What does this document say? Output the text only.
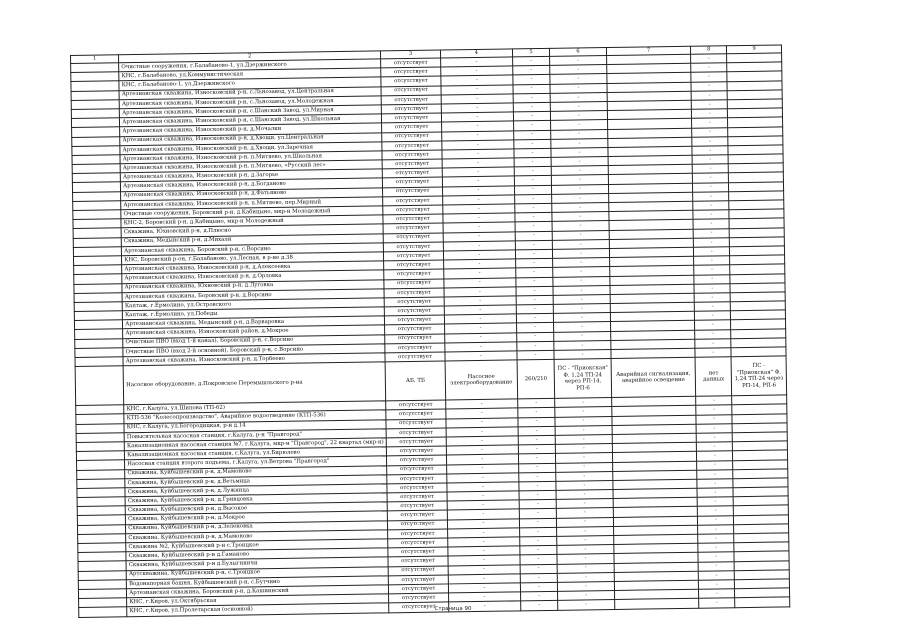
1	2	3	4	5	6	7	8	9
	Очистные сооружения, г.Балабаново-1, ул.Дзержинского	отсутствует	-	-	-		-	
	КНС, г.Балабаново, ул.Коммунистическая	отсутствует	-	-	-		-	
	КНС, г.Балабаново-1, ул.Дзержинского	отсутствует	-	-	-		-	
	Артезианская скважина, Износковский р-н, с.Льнозавод, ул.Центральная	отсутствует	-	-	-		-	
	Артезианская скважина, Износковский р-н, с.Льнозавод, ул.Молодежная	отсутствует	-	-	-		-	
	Артезианская скважина, Износковский р-н, с.Шанский Завод, ул.Мирная	отсутствует	-	-	-		-	
	Артезианская скважина, Износковский р-н, с.Шанский Завод, ул.Школьная	отсутствует	-	-	-		-	
	Артезианская скважина, Износковский р-н, д.Мочалки	отсутствует	-	-	-		-	
	Артезианская скважина, Износковский р-н, д.Хвощи, ул.Центральная	отсутствует	-	-	-		-	
	Артезианская скважина, Износковский р-н, д.Хвощи, ул.Заречная	отсутствует	-	-	-		-	
	Артезианская скважина, Износковский р-н, п.Митяево, ул.Школьная	отсутствует	-	-	-		-	
	Артезианская скважина, Износковский р-н, п.Митяево, «Русский лес»	отсутствует	-	-	-		-	
	Артезианская скважина, Износковский р-н, д.Загорье	отсутствует	-	-	-		-	
	Артезианская скважина, Износковский р-н, д.Богданово	отсутствует	-	-	-		-	
	Артезианская скважина, Износковский р-н, д.Фатьяново	отсутствует	-	-	-		-	
	Артезианская скважина, Износковский р-н, п.Митяево, пер.Мирный	отсутствует	-	-	-		-	
	Очистные сооружения, Боровский р-н, д.Кабицыно, мкр-н Молодежный	отсутствует	-	-	-		-	
	КНС-2, Боровский р-н, д.Кабицыно, мкр-н Молодежный	отсутствует	-	-	-		-	
	Скважина, Юхновский р-н, д.Плюсно	отсутствует	-	-	-		-	
	Скважина, Медынский р-н, д.Михали	отсутствует	-	-	-		-	
	Артезианская скважина, Боровский р-н, с.Ворсино	отсутствует	-	-	-		-	
	КНС, Боровский р-он, г.Балабаново, ул.Лесная, в р-не д.38	отсутствует	-	-	-		-	
	Артезианская скважина, Износковский р-н, д.Алексеевка	отсутствует	-	-	-		-	
	Артезианская скважина, Износковский р-н, д.Орловка	отсутствует	-	-	-		-	
	Артезианская скважина, Юхновский р-н, д.Луговка	отсутствует	-	-	-		-	
	Артезианская скважина, Боровский р-н, д.Ворсино	отсутствует	-	-	-		-	
	Каптаж, г.Ермолино, ул.Островского	отсутствует	-	-	-		-	
	Каптаж, г.Ермолино, ул.Победы	отсутствует	-	-	-		-	
	Артезианская скважина, Медынский р-н, д.Варваровка	отсутствует	-	-	-		-	
	Артезианская скважина, Износковский район, д.Мокрое	отсутствует	-	-	-		-	
	Очистные ПВО (вход 1-й канал), Боровский р-н, с.Ворсино	отсутствует	-	-	-		-	
	Очистные ПВО (вход 2-й основной), Боровский р-н, с.Ворсино	отсутствует	-	-	-		-	
	Артезианская скважина, Износковский р-н, д.Торбеево	отсутствует	-	-	-		-	
	Насосное оборудование, д.Покровское Перемышльского р-на	АБ, ТБ	Насосное электрооборудование	260/210	ПС - "Приокская" Ф. 1,24 ТП-24 через РП-14, РП-6	Аварийная сигнализация, аварийное освещение	нет данных	ПС - "Приокская" Ф. 1,24 ТП-24 через РП-14, РП-6
	КНС, г.Калуга, ул.Шипова (ТП-62)	отсутствует	-	-	-		-	
	КТП-536 "Колесопроизводство", Аварийное водоотведение (КТП-536)	отсутствует	-	-	-		-	
	КНС, г.Калуга, ул.Богородицкая, р-н д.14	отсутствует	-	-	-		-	
	Повысительная насосная станция, г.Калуга, р-н "Правгород"	отсутствует	-	-	-		-	
	Канализационная насосная станция №7, г.Калуга, мкр-н "Правгород", 22 квартал (мкр-н)	отсутствует	-	-	-		-	
	Канализационная насосная станция, г.Калуга, ул.Бирюлево	отсутствует	-	-	-		-	
	Насосная станция второго подъема, г.Калуга, ул.Ветрова "Правгород"	отсутствует	-	-	-		-	
	Скважина, Куйбышевский р-н, д.Мамоново	отсутствует	-	-	-		-	
	Скважина, Куйбышевский р-н, д.Ветьмица	отсутствует	-	-	-		-	
	Скважина, Куйбышевский р-н, д.Лужница	отсутствует	-	-	-		-	
	Скважина, Куйбышевский р-н, д.Гривцовка	отсутствует	-	-	-		-	
	Скважина, Куйбышевский р-н, д.Высокое	отсутствует	-	-	-		-	
	Скважина, Куйбышевский р-н, д.Мокрое	отсутствует	-	-	-		-	
	Скважина, Куйбышевский р-н, д.Зеленовка	отсутствует	-	-	-		-	
	Скважина, Куйбышевский р-н, д.Мамоново	отсутствует	-	-	-		-	
	Скважина №2, Куйбышевский р-н с.Троицкое	отсутствует	-	-	-		-	
	Скважина, Куйбышевский р-н д.Гаманово	отсутствует	-	-	-		-	
	Скважина, Куйбышевский р-н д.Булыгиничи	отсутствует	-	-	-		-	
	Артскважина, Куйбышевский р-н, с.Троицкое	отсутствует	-	-	-		-	
	Водонапорная башня, Куйбышевский р-н, с.Бутчино	отсутствует	-	-	-		-	
	Артезианская скважина, Боровский р-н, д.Кашиинский	отсутствует	-	-	-		-	
	КНС, г.Киров, ул.Октябрьская	отсутствует	-	-	-		-	
	КНС, г.Киров, ул.Пролетарская (основной)	отсутствует	-	-	-		-	
Страница 90
